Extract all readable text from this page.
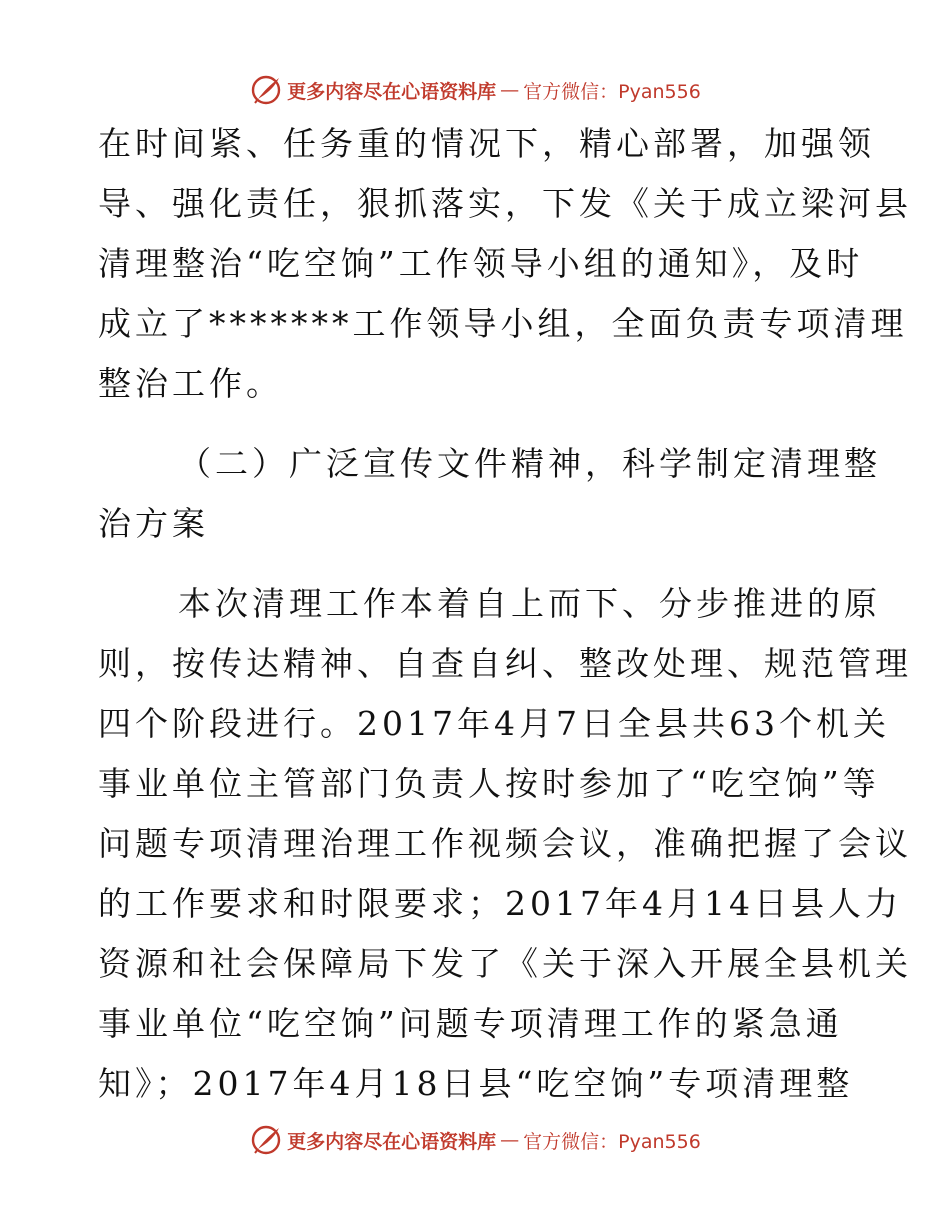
更多内容尽在心语资料库 — 官方微信：Pyan556
在时间紧、任务重的情况下，精心部署，加强领
导、强化责任，狠抓落实，下发《关于成立梁河县
清理整治“吃空饷”工作领导小组的通知》，及时
成立了*******工作领导小组，全面负责专项清理
整治工作。
（二）广泛宣传文件精神，科学制定清理整
治方案
本次清理工作本着自上而下、分步推进的原
则，按传达精神、自查自纠、整改处理、规范管理
四个阶段进行。2017年4月7日全县共63个机关
事业单位主管部门负责人按时参加了“吃空饷”等
问题专项清理治理工作视频会议，准确把握了会议
的工作要求和时限要求；2017年4月14日县人力
资源和社会保障局下发了《关于深入开展全县机关
事业单位“吃空饷”问题专项清理工作的紧急通
知》；2017年4月18日县“吃空饷”专项清理整
更多内容尽在心语资料库 — 官方微信：Pyan556
